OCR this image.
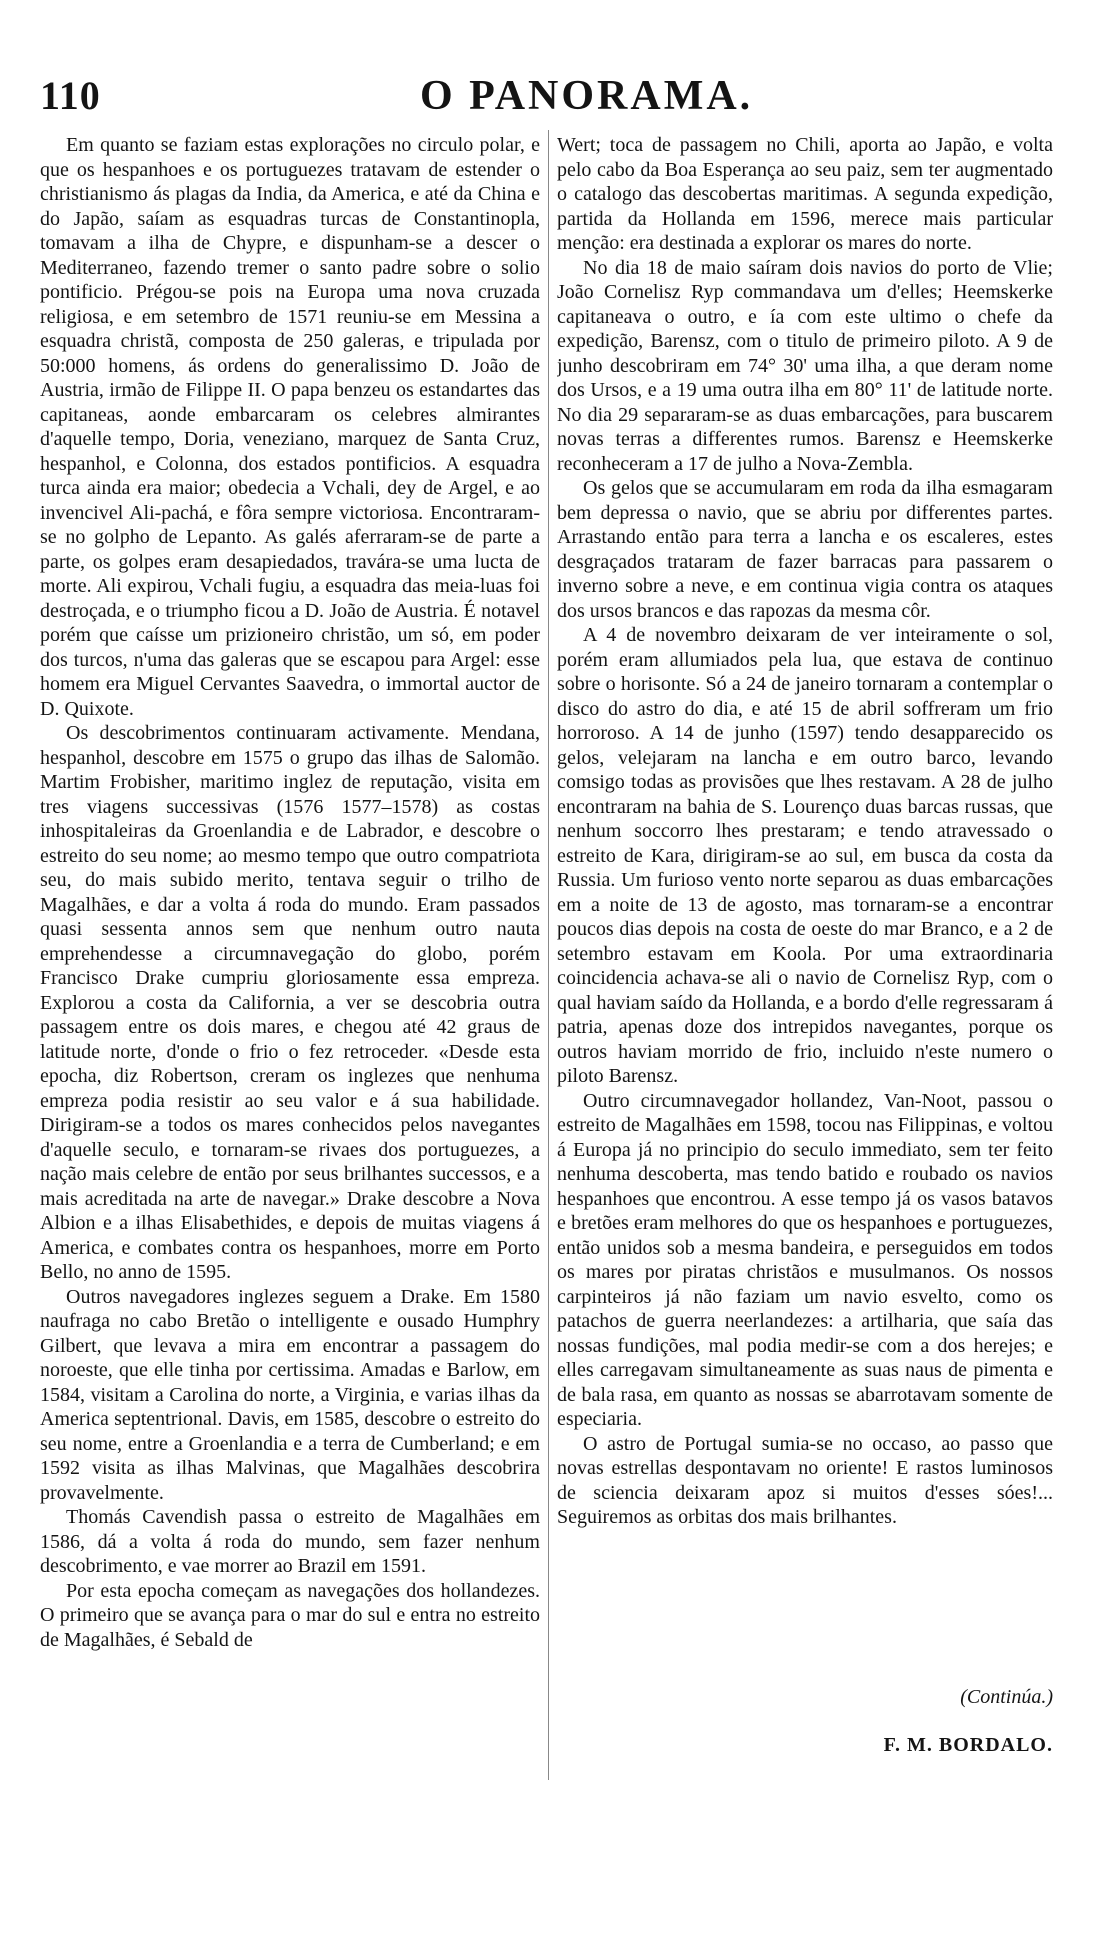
110	O PANORAMA.

Em quanto se faziam estas explorações no circulo polar, e que os hespanhoes e os portuguezes tratavam de estender o christianismo ás plagas da India, da America, e até da China e do Japão, saíam as esquadras turcas de Constantinopla, tomavam a ilha de Chypre, e dispunham-se a descer o Mediterraneo, fazendo tremer o santo padre sobre o solio pontificio. Prégou-se pois na Europa uma nova cruzada religiosa, e em setembro de 1571 reuniu-se em Messina a esquadra christã, composta de 250 galeras, e tripulada por 50:000 homens, ás ordens do generalissimo D. João de Austria, irmão de Filippe II. O papa benzeu os estandartes das capitaneas, aonde embarcaram os celebres almirantes d'aquelle tempo, Doria, veneziano, marquez de Santa Cruz, hespanhol, e Colonna, dos estados pontificios. A esquadra turca ainda era maior; obedecia a Vchali, dey de Argel, e ao invencivel Ali-pachá, e fôra sempre victoriosa. Encontraram-se no golpho de Lepanto. As galés aferraram-se de parte a parte, os golpes eram desapiedados, travára-se uma lucta de morte. Ali expirou, Vchali fugiu, a esquadra das meia-luas foi destroçada, e o triumpho ficou a D. João de Austria. É notavel porém que caísse um prizioneiro christão, um só, em poder dos turcos, n'uma das galeras que se escapou para Argel: esse homem era Miguel Cervantes Saavedra, o immortal auctor de D. Quixote.

Os descobrimentos continuaram activamente. Mendana, hespanhol, descobre em 1575 o grupo das ilhas de Salomão. Martim Frobisher, maritimo inglez de reputação, visita em tres viagens successivas (1576 1577–1578) as costas inhospitaleiras da Groenlandia e de Labrador, e descobre o estreito do seu nome; ao mesmo tempo que outro compatriota seu, do mais subido merito, tentava seguir o trilho de Magalhães, e dar a volta á roda do mundo. Eram passados quasi sessenta annos sem que nenhum outro nauta emprehendesse a circumnavegação do globo, porém Francisco Drake cumpriu gloriosamente essa empreza. Explorou a costa da California, a ver se descobria outra passagem entre os dois mares, e chegou até 42 graus de latitude norte, d'onde o frio o fez retroceder. «Desde esta epocha, diz Robertson, creram os inglezes que nenhuma empreza podia resistir ao seu valor e á sua habilidade. Dirigiram-se a todos os mares conhecidos pelos navegantes d'aquelle seculo, e tornaram-se rivaes dos portuguezes, a nação mais celebre de então por seus brilhantes successos, e a mais acreditada na arte de navegar.» Drake descobre a Nova Albion e a ilhas Elisabethides, e depois de muitas viagens á America, e combates contra os hespanhoes, morre em Porto Bello, no anno de 1595.

Outros navegadores inglezes seguem a Drake. Em 1580 naufraga no cabo Bretão o intelligente e ousado Humphry Gilbert, que levava a mira em encontrar a passagem do noroeste, que elle tinha por certissima. Amadas e Barlow, em 1584, visitam a Carolina do norte, a Virginia, e varias ilhas da America septentrional. Davis, em 1585, descobre o estreito do seu nome, entre a Groenlandia e a terra de Cumberland; e em 1592 visita as ilhas Malvinas, que Magalhães descobrira provavelmente.

Thomás Cavendish passa o estreito de Magalhães em 1586, dá a volta á roda do mundo, sem fazer nenhum descobrimento, e vae morrer ao Brazil em 1591.

Por esta epocha começam as navegações dos hollandezes. O primeiro que se avança para o mar do sul e entra no estreito de Magalhães, é Sebald de

Wert; toca de passagem no Chili, aporta ao Japão, e volta pelo cabo da Boa Esperança ao seu paiz, sem ter augmentado o catalogo das descobertas maritimas. A segunda expedição, partida da Hollanda em 1596, merece mais particular menção: era destinada a explorar os mares do norte.

No dia 18 de maio saíram dois navios do porto de Vlie; João Cornelisz Ryp commandava um d'elles; Heemskerke capitaneava o outro, e ía com este ultimo o chefe da expedição, Barensz, com o titulo de primeiro piloto. A 9 de junho descobriram em 74° 30' uma ilha, a que deram nome dos Ursos, e a 19 uma outra ilha em 80° 11' de latitude norte. No dia 29 separaram-se as duas embarcações, para buscarem novas terras a differentes rumos. Barensz e Heemskerke reconheceram a 17 de julho a Nova-Zembla.

Os gelos que se accumularam em roda da ilha esmagaram bem depressa o navio, que se abriu por differentes partes. Arrastando então para terra a lancha e os escaleres, estes desgraçados trataram de fazer barracas para passarem o inverno sobre a neve, e em continua vigia contra os ataques dos ursos brancos e das rapozas da mesma côr.

A 4 de novembro deixaram de ver inteiramente o sol, porém eram allumiados pela lua, que estava de continuo sobre o horisonte. Só a 24 de janeiro tornaram a contemplar o disco do astro do dia, e até 15 de abril soffreram um frio horroroso. A 14 de junho (1597) tendo desapparecido os gelos, velejaram na lancha e em outro barco, levando comsigo todas as provisões que lhes restavam. A 28 de julho encontraram na bahia de S. Lourenço duas barcas russas, que nenhum soccorro lhes prestaram; e tendo atravessado o estreito de Kara, dirigiram-se ao sul, em busca da costa da Russia. Um furioso vento norte separou as duas embarcações em a noite de 13 de agosto, mas tornaram-se a encontrar poucos dias depois na costa de oeste do mar Branco, e a 2 de setembro estavam em Koola. Por uma extraordinaria coincidencia achava-se ali o navio de Cornelisz Ryp, com o qual haviam saído da Hollanda, e a bordo d'elle regressaram á patria, apenas doze dos intrepidos navegantes, porque os outros haviam morrido de frio, incluido n'este numero o piloto Barensz.

Outro circumnavegador hollandez, Van-Noot, passou o estreito de Magalhães em 1598, tocou nas Filippinas, e voltou á Europa já no principio do seculo immediato, sem ter feito nenhuma descoberta, mas tendo batido e roubado os navios hespanhoes que encontrou. A esse tempo já os vasos batavos e bretões eram melhores do que os hespanhoes e portuguezes, então unidos sob a mesma bandeira, e perseguidos em todos os mares por piratas christãos e musulmanos. Os nossos carpinteiros já não faziam um navio esvelto, como os patachos de guerra neerlandezes: a artilharia, que saía das nossas fundições, mal podia medir-se com a dos herejes; e elles carregavam simultaneamente as suas naus de pimenta e de bala rasa, em quanto as nossas se abarrotavam somente de especiaria.

O astro de Portugal sumia-se no occaso, ao passo que novas estrellas despontavam no oriente! E rastos luminosos de sciencia deixaram apoz si muitos d'esses sóes!... Seguiremos as orbitas dos mais brilhantes.

(Continúa.)
F. M. BORDALO.
